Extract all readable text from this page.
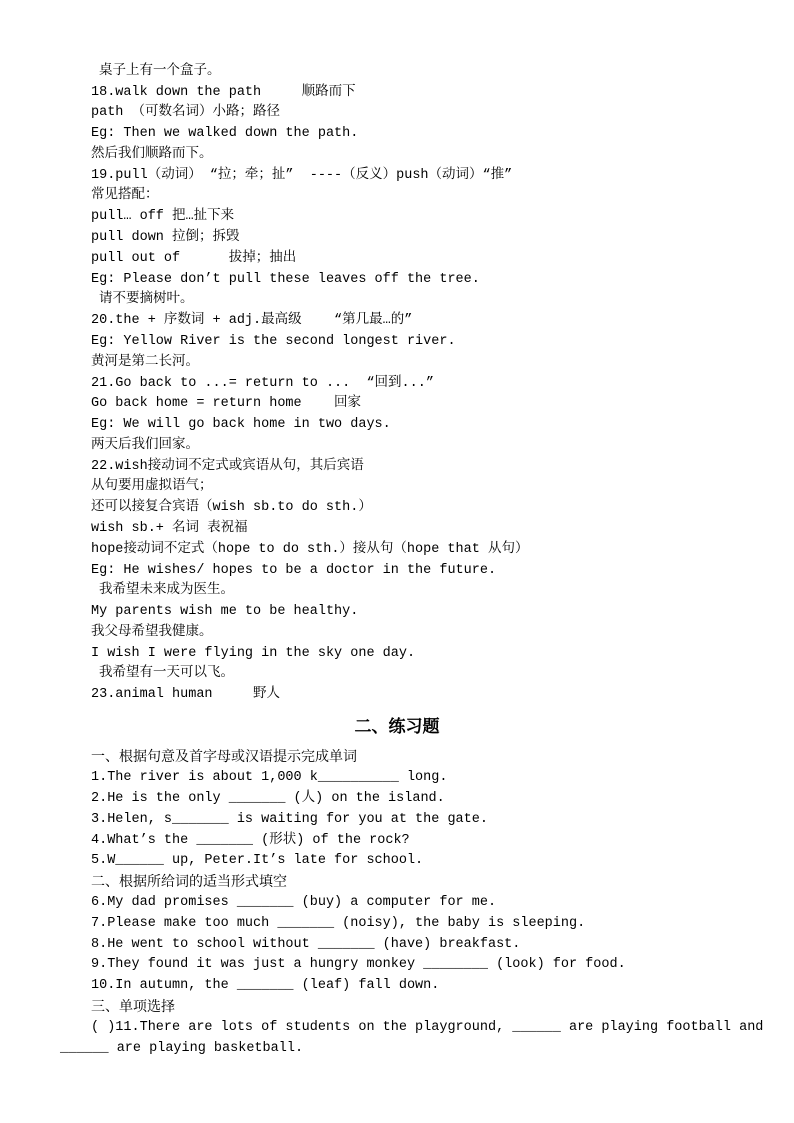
桌子上有一个盒子。
18.walk down the path     顺路而下
path （可数名词）小路；路径
Eg: Then we walked down the path.
然后我们顺路而下。
19.pull（动词） “拉；牵；扯”  ----（反义）push（动词）“推”
常见搭配：
pull… off 把…扯下来
pull down 拉倒；拆毁
pull out of      拔掉；抽出
Eg: Please don’t pull these leaves off the tree.
请不要摘树叶。
20.the + 序数词 + adj.最高级    “第几最…的”
Eg: Yellow River is the second longest river.
黄河是第二长河。
21.Go back to ...= return to ...  “回到...”
Go back home = return home    回家
Eg: We will go back home in two days.
两天后我们回家。
22.wish接动词不定式或宾语从句，其后宾语
从句要用虚拟语气；
还可以接复合宾语（wish sb.to do sth.）
wish sb.+ 名词 表祝福
hope接动词不定式（hope to do sth.）接从句（hope that 从句）
Eg: He wishes/ hopes to be a doctor in the future.
我希望未来成为医生。
My parents wish me to be healthy.
我父母希望我健康。
I wish I were flying in the sky one day.
我希望有一天可以飞。
23.animal human     野人
二、练习题
一、根据句意及首字母或汉语提示完成单词
1.The river is about 1,000 k__________ long.
2.He is the only _______ (人) on the island.
3.Helen, s_______ is waiting for you at the gate.
4.What’s the _______ (形状) of the rock?
5.W______ up, Peter.It’s late for school.
二、根据所给词的适当形式填空
6.My dad promises _______ (buy) a computer for me.
7.Please make too much _______ (noisy), the baby is sleeping.
8.He went to school without _______ (have) breakfast.
9.They found it was just a hungry monkey ________ (look) for food.
10.In autumn, the _______ (leaf) fall down.
三、单项选择
( )11.There are lots of students on the playground, ______ are playing football and
______ are playing basketball.
